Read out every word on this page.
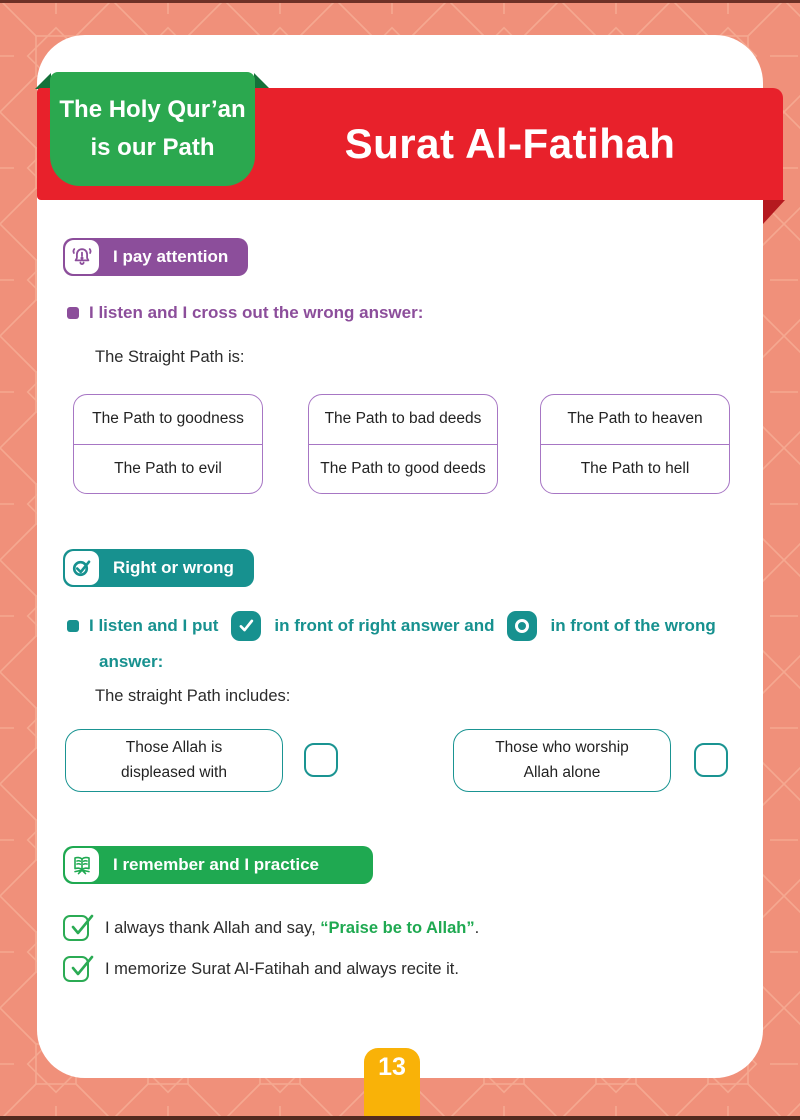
Surat Al-Fatihah
The Holy Qur’an
is our Path
I pay attention
I listen and I cross out the wrong answer:
The Straight Path is:
The Path to goodness
The Path to evil
The Path to bad deeds
The Path to good deeds
The Path to heaven
The Path to hell
Right or wrong
I listen and I put	in front of right answer and	in front of the wrong
answer:
The straight Path includes:
Those Allah is
displeased with
Those who worship
Allah alone
I remember and I practice
I always thank Allah and say, “Praise be to Allah”.
I memorize Surat Al-Fatihah and always recite it.
13
